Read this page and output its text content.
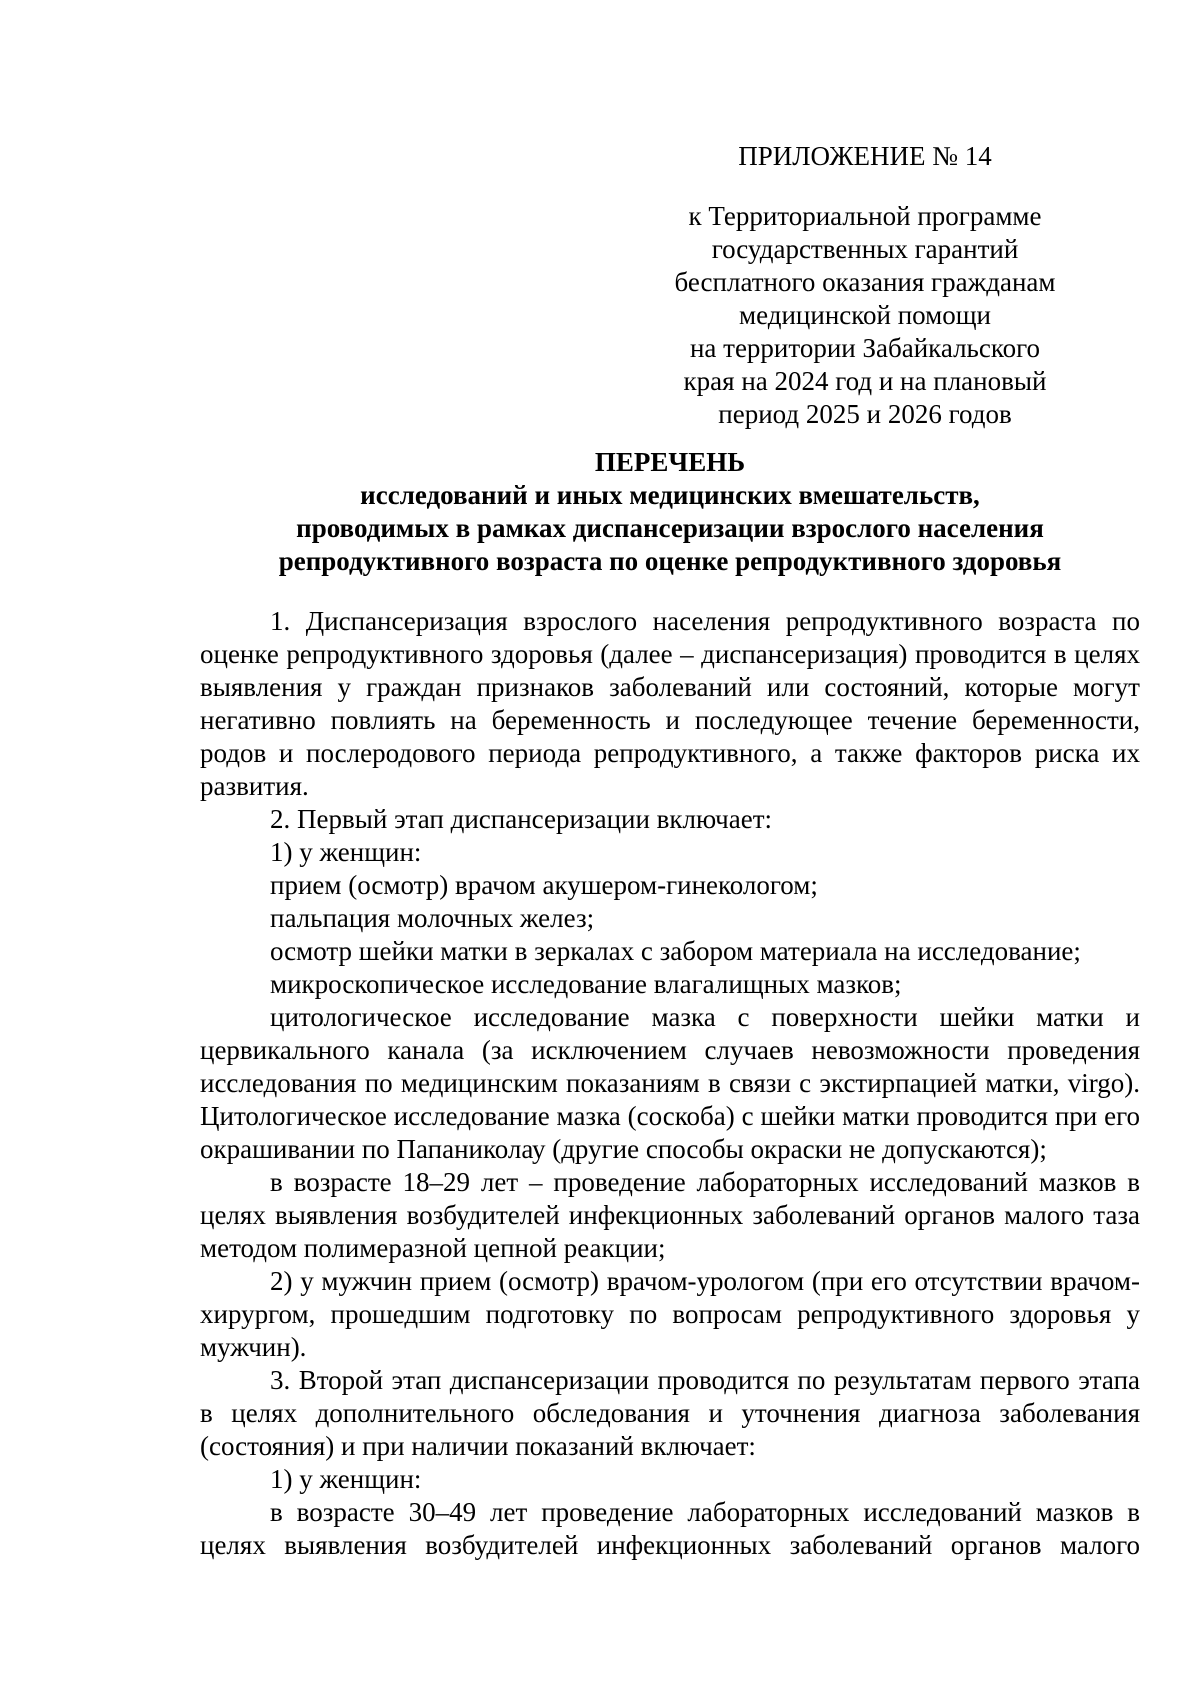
ПРИЛОЖЕНИЕ № 14
к Территориальной программе
государственных гарантий
бесплатного оказания гражданам
медицинской помощи
на территории Забайкальского
края на 2024 год и на плановый
период 2025 и 2026 годов
ПЕРЕЧЕНЬ
исследований и иных медицинских вмешательств,
проводимых в рамках диспансеризации взрослого населения
репродуктивного возраста по оценке репродуктивного здоровья

1. Диспансеризация взрослого населения репродуктивного возраста по оценке репродуктивного здоровья (далее – диспансеризация) проводится в целях выявления у граждан признаков заболеваний или состояний, которые могут негативно повлиять на беременность и последующее течение беременности, родов и послеродового периода репродуктивного, а также факторов риска их развития.

2. Первый этап диспансеризации включает:

1) у женщин:

прием (осмотр) врачом акушером-гинекологом;

пальпация молочных желез;

осмотр шейки матки в зеркалах с забором материала на исследование;

микроскопическое исследование влагалищных мазков;

цитологическое исследование мазка с поверхности шейки матки и цервикального канала (за исключением случаев невозможности проведения исследования по медицинским показаниям в связи с экстирпацией матки, virgo). Цитологическое исследование мазка (соскоба) с шейки матки проводится при его окрашивании по Папаниколау (другие способы окраски не допускаются);

в возрасте 18–29 лет – проведение лабораторных исследований мазков в целях выявления возбудителей инфекционных заболеваний органов малого таза методом полимеразной цепной реакции;

2) у мужчин прием (осмотр) врачом-урологом (при его отсутствии врачом-хирургом, прошедшим подготовку по вопросам репродуктивного здоровья у мужчин).

3. Второй этап диспансеризации проводится по результатам первого этапа в целях дополнительного обследования и уточнения диагноза заболевания (состояния) и при наличии показаний включает:

1) у женщин:

в возрасте 30–49 лет проведение лабораторных исследований мазков в целях выявления возбудителей инфекционных заболеваний органов малого
